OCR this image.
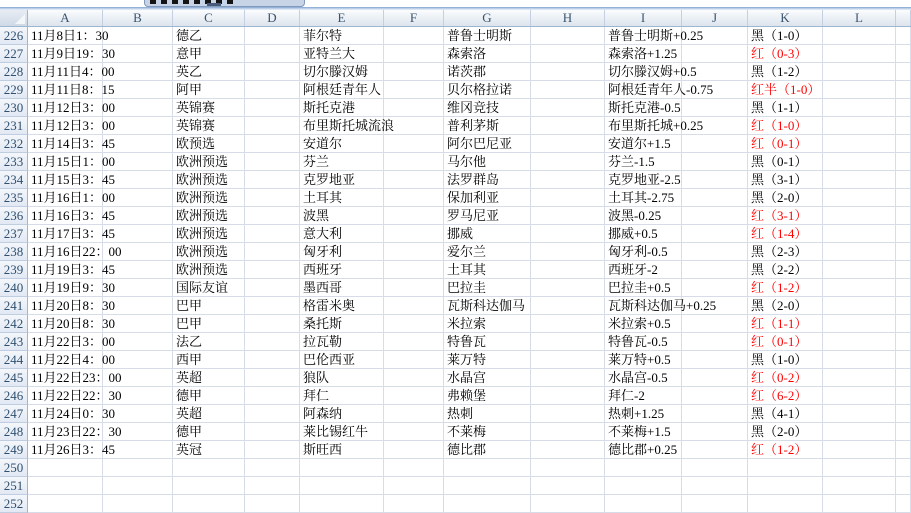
A	B	C	D	E	F	G	H	I	J	K	L
226 11月8日1：30	德乙	菲尔特	普鲁士明斯	普鲁士明斯+0.25	黑（1-0）
227 11月9日19：30	意甲	亚特兰大	森索洛	森索洛+1.25	红（0-3）
228 11月11日4：00	英乙	切尔滕汉姆	诺茨郡	切尔滕汉姆+0.5	黑（1-2）
229 11月11日8：15	阿甲	阿根廷青年人	贝尔格拉诺	阿根廷青年人-0.75	红半（1-0）
230 11月12日3：00	英锦赛	斯托克港	维冈竞技	斯托克港-0.5	黑（1-1）
231 11月12日3：00	英锦赛	布里斯托城流浪	普利茅斯	布里斯托城+0.25	红（1-0）
232 11月14日3：45	欧预选	安道尔	阿尔巴尼亚	安道尔+1.5	红（0-1）
233 11月15日1：00	欧洲预选	芬兰	马尔他	芬兰-1.5	黑（0-1）
234 11月15日3：45	欧洲预选	克罗地亚	法罗群岛	克罗地亚-2.5	黑（3-1）
235 11月16日1：00	欧洲预选	土耳其	保加利亚	土耳其-2.75	黑（2-0）
236 11月16日3：45	欧洲预选	波黑	罗马尼亚	波黑-0.25	红（3-1）
237 11月17日3：45	欧洲预选	意大利	挪威	挪威+0.5	红（1-4）
238 11月16日22：00	欧洲预选	匈牙利	爱尔兰	匈牙利-0.5	黑（2-3）
239 11月19日3：45	欧洲预选	西班牙	土耳其	西班牙-2	黑（2-2）
240 11月19日9：30	国际友谊	墨西哥	巴拉圭	巴拉圭+0.5	红（1-2）
241 11月20日8：30	巴甲	格雷米奥	瓦斯科达伽马	瓦斯科达伽马+0.25	黑（2-0）
242 11月20日8：30	巴甲	桑托斯	米拉索	米拉索+0.5	红（1-1）
243 11月22日3：00	法乙	拉瓦勒	特鲁瓦	特鲁瓦-0.5	红（0-1）
244 11月22日4：00	西甲	巴伦西亚	莱万特	莱万特+0.5	黑（1-0）
245 11月22日23：00	英超	狼队	水晶宫	水晶宫-0.5	红（0-2）
246 11月22日22：30	德甲	拜仁	弗赖堡	拜仁-2	红（6-2）
247 11月24日0：30	英超	阿森纳	热刺	热刺+1.25	黑（4-1）
248 11月23日22：30	德甲	莱比锡红牛	不莱梅	不莱梅+1.5	黑（2-0）
249 11月26日3：45	英冠	斯旺西	德比郡	德比郡+0.25	红（1-2）
250
251
252
